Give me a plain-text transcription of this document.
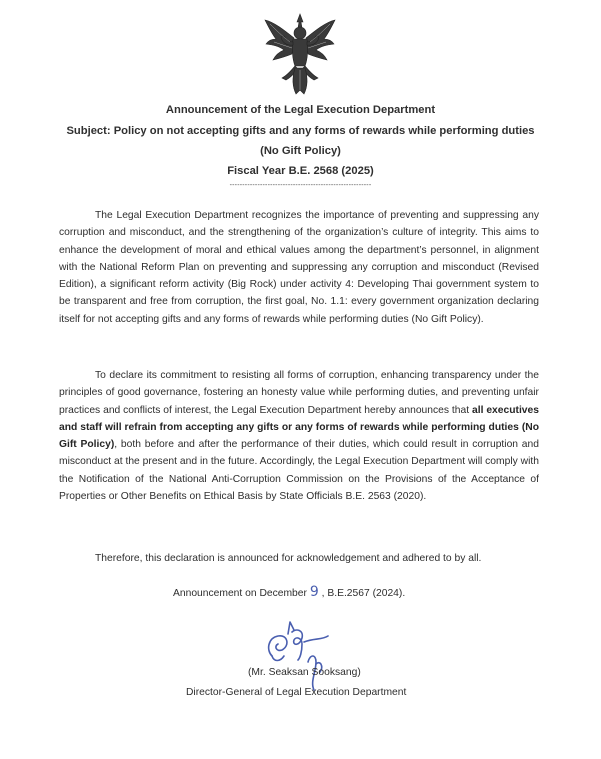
Announcement of the Legal Execution Department
Subject: Policy on not accepting gifts and any forms of rewards while performing duties
(No Gift Policy)
Fiscal Year B.E. 2568 (2025)
--------------------------------------------------------
The Legal Execution Department recognizes the importance of preventing and suppressing any corruption and misconduct, and the strengthening of the organization’s culture of integrity. This aims to enhance the development of moral and ethical values among the department’s personnel, in alignment with the National Reform Plan on preventing and suppressing any corruption and misconduct (Revised Edition), a significant reform activity (Big Rock) under activity 4: Developing Thai government system to be transparent and free from corruption, the first goal, No. 1.1: every government organization declaring itself for not accepting gifts and any forms of rewards while performing duties (No Gift Policy).
To declare its commitment to resisting all forms of corruption, enhancing transparency under the principles of good governance, fostering an honesty value while performing duties, and preventing unfair practices and conflicts of interest, the Legal Execution Department hereby announces that all executives and staff will refrain from accepting any gifts or any forms of rewards while performing duties (No Gift Policy), both before and after the performance of their duties, which could result in corruption and misconduct at the present and in the future. Accordingly, the Legal Execution Department will comply with the Notification of the National Anti-Corruption Commission on the Provisions of the Acceptance of Properties or Other Benefits on Ethical Basis by State Officials B.E. 2563 (2020).
Therefore, this declaration is announced for acknowledgement and adhered to by all.
Announcement on December 9 , B.E.2567 (2024).
(Mr. Seaksan Sooksang)
Director-General of Legal Execution Department
